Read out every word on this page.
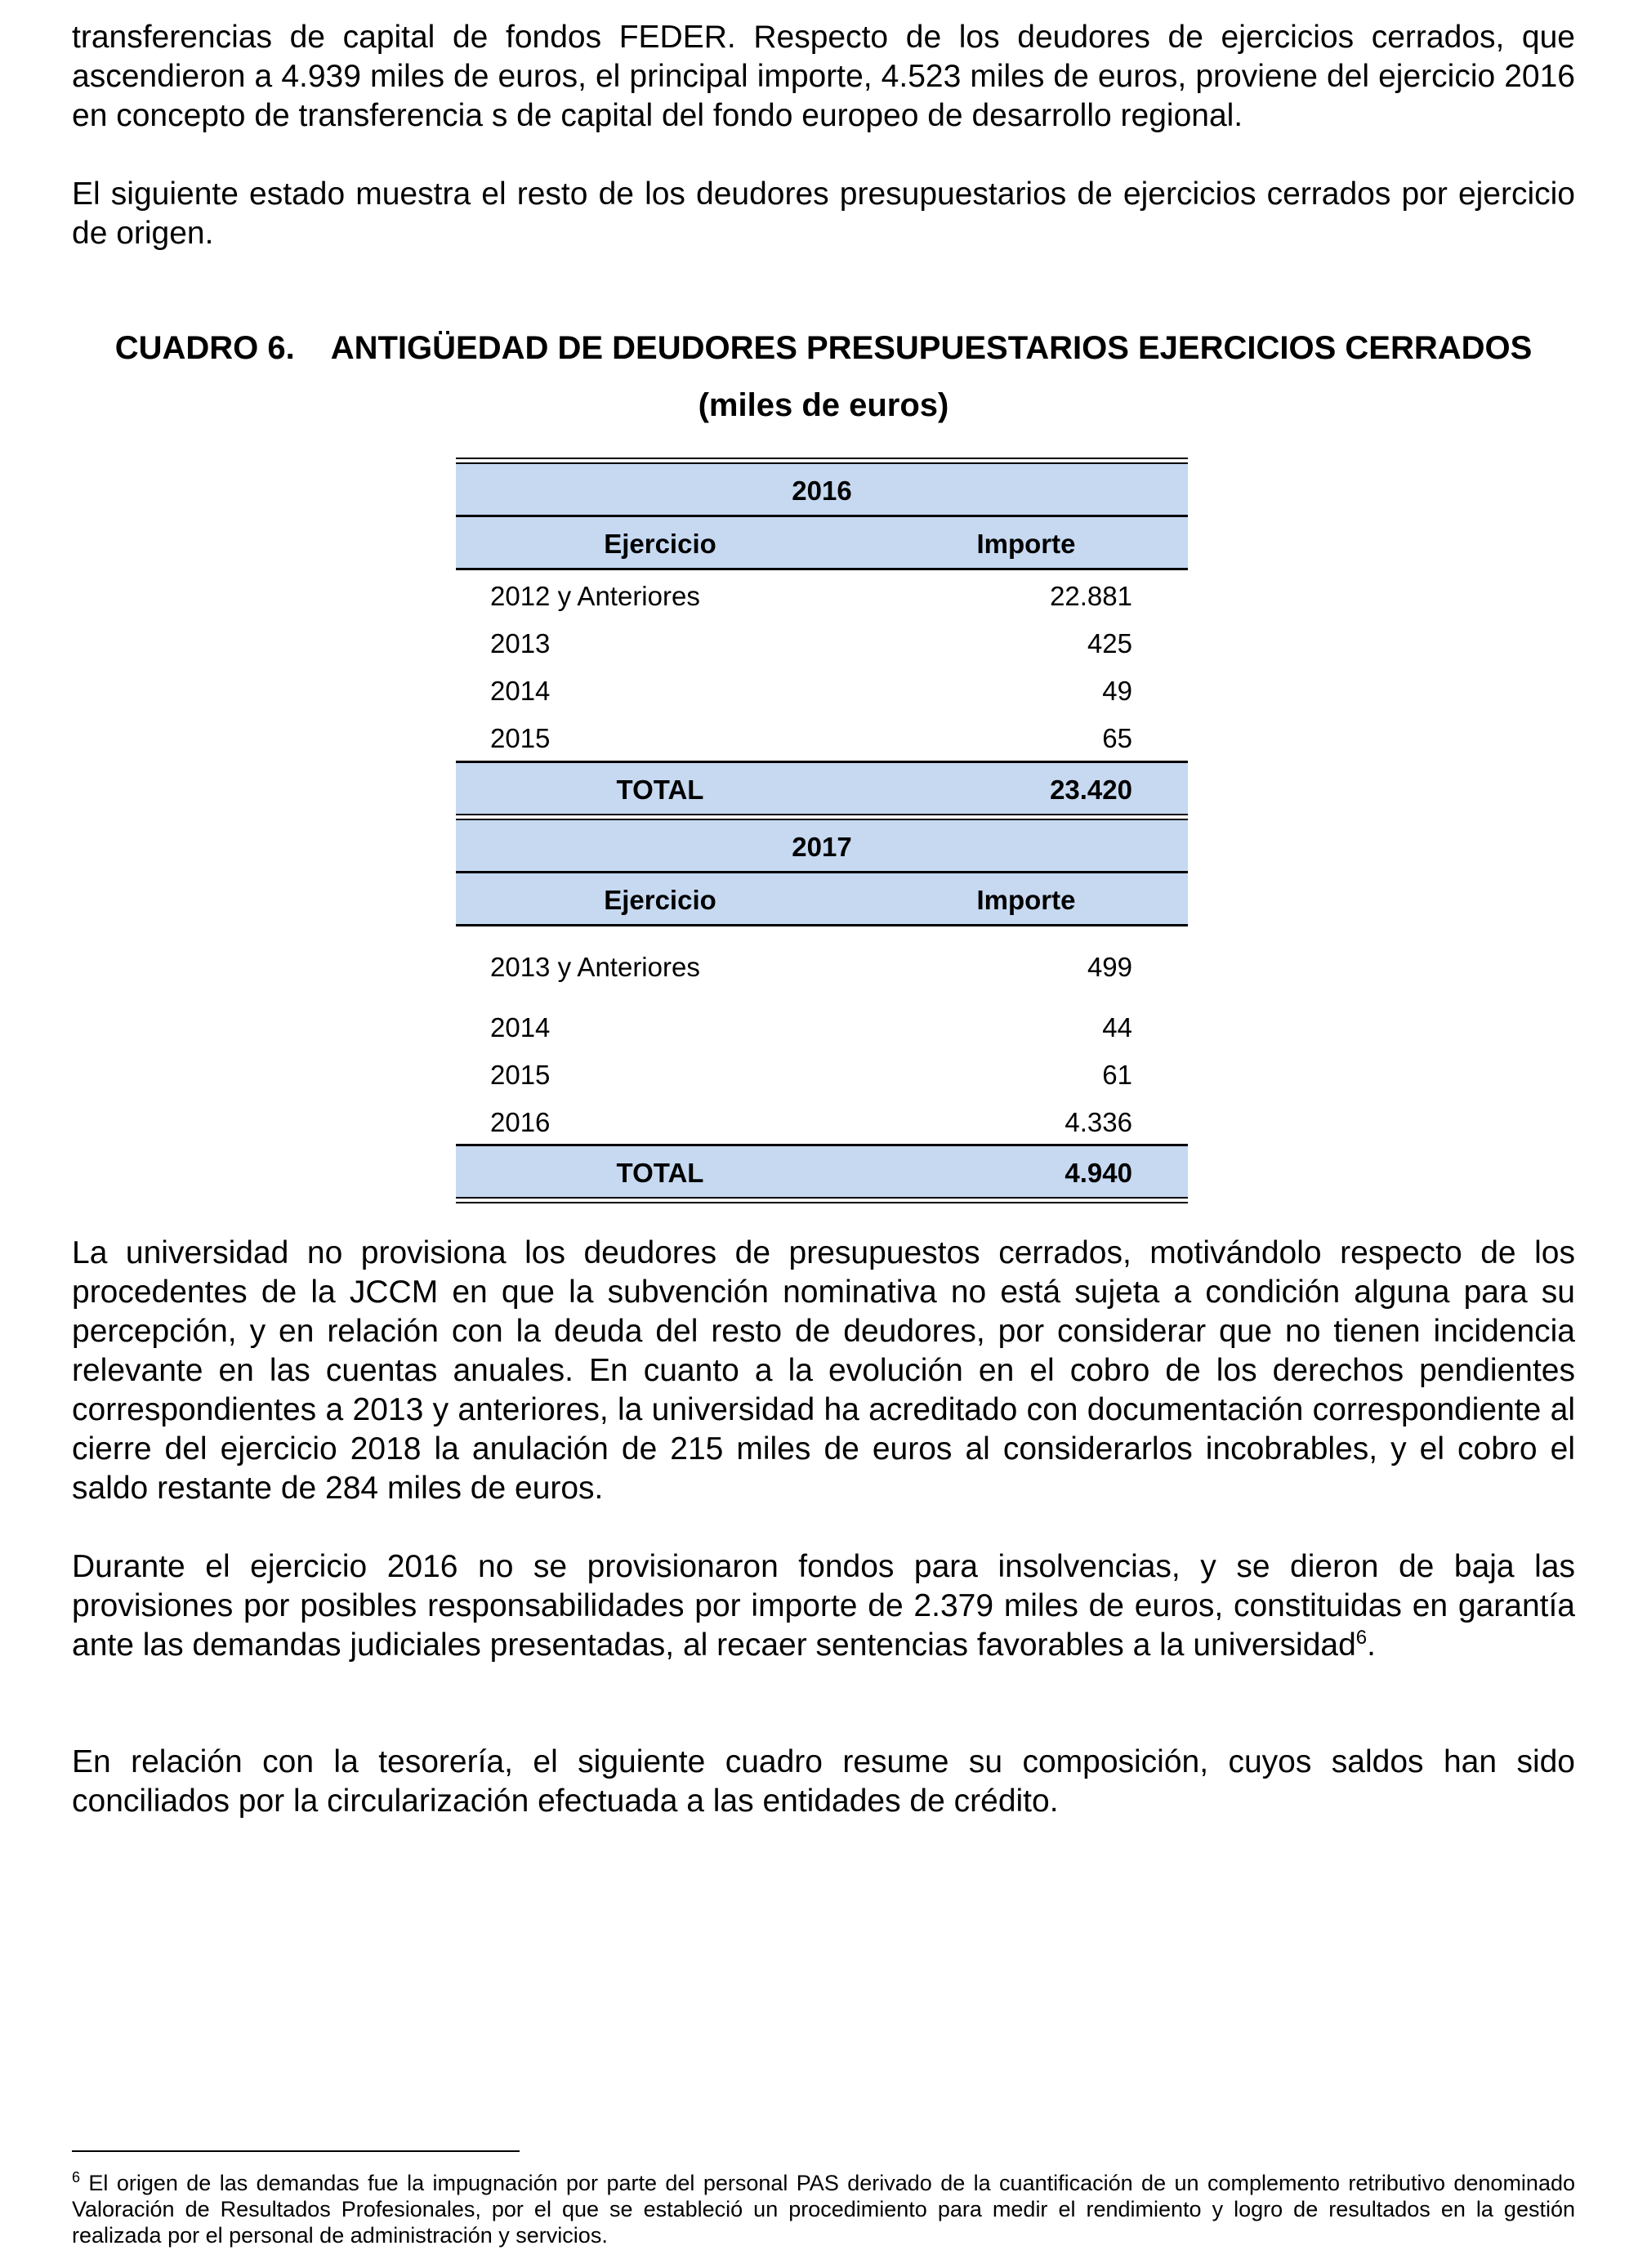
transferencias de capital de fondos FEDER. Respecto de los deudores de ejercicios cerrados, que ascendieron a 4.939 miles de euros, el principal importe, 4.523 miles de euros, proviene del ejercicio 2016 en concepto de transferencia s de capital del fondo europeo de desarrollo regional.

El siguiente estado muestra el resto de los deudores presupuestarios de ejercicios cerrados por ejercicio de origen.

CUADRO 6. ANTIGÜEDAD DE DEUDORES PRESUPUESTARIOS EJERCICIOS CERRADOS
(miles de euros)
2016
Ejercicio	Importe
2012 y Anteriores	22.881
2013	425
2014	49
2015	65
TOTAL	23.420
2017
Ejercicio	Importe
2013 y Anteriores	499
2014	44
2015	61
2016	4.336
TOTAL	4.940

La universidad no provisiona los deudores de presupuestos cerrados, motivándolo respecto de los procedentes de la JCCM en que la subvención nominativa no está sujeta a condición alguna para su percepción, y en relación con la deuda del resto de deudores, por considerar que no tienen incidencia relevante en las cuentas anuales. En cuanto a la evolución en el cobro de los derechos pendientes correspondientes a 2013 y anteriores, la universidad ha acreditado con documentación correspondiente al cierre del ejercicio 2018 la anulación de 215 miles de euros al considerarlos incobrables, y el cobro el saldo restante de 284 miles de euros.

Durante el ejercicio 2016 no se provisionaron fondos para insolvencias, y se dieron de baja las provisiones por posibles responsabilidades por importe de 2.379 miles de euros, constituidas en garantía ante las demandas judiciales presentadas, al recaer sentencias favorables a la universidad$^6$.

En relación con la tesorería, el siguiente cuadro resume su composición, cuyos saldos han sido conciliados por la circularización efectuada a las entidades de crédito.

$^6$ El origen de las demandas fue la impugnación por parte del personal PAS derivado de la cuantificación de un complemento retributivo denominado Valoración de Resultados Profesionales, por el que se estableció un procedimiento para medir el rendimiento y logro de resultados en la gestión realizada por el personal de administración y servicios.
